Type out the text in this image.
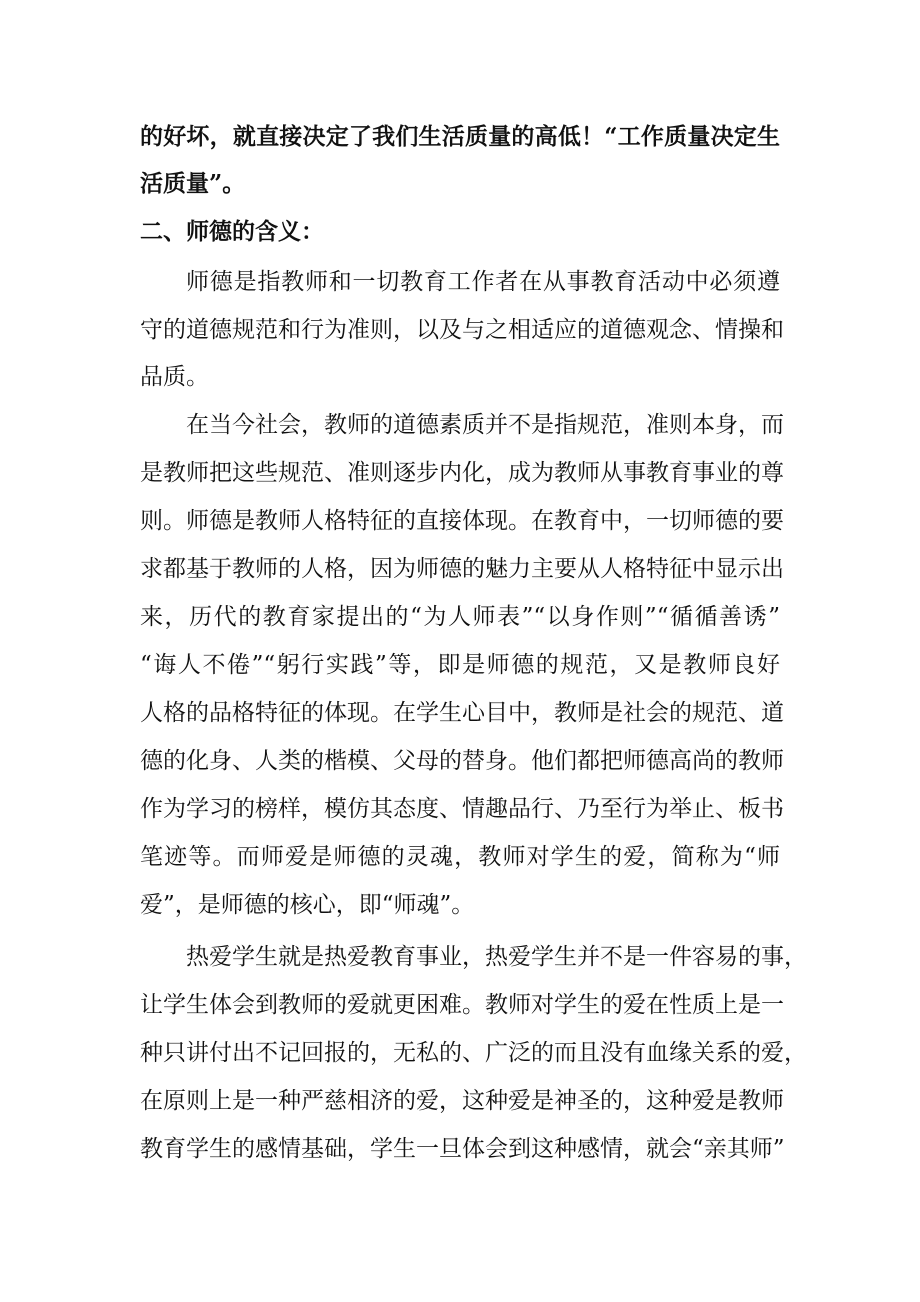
的好坏，就直接决定了我们生活质量的高低！“工作质量决定生
活质量”。
二、师德的含义：
师德是指教师和一切教育工作者在从事教育活动中必须遵
守的道德规范和行为准则，以及与之相适应的道德观念、情操和
品质。
在当今社会，教师的道德素质并不是指规范，准则本身，而
是教师把这些规范、准则逐步内化，成为教师从事教育事业的尊
则。师德是教师人格特征的直接体现。在教育中，一切师德的要
求都基于教师的人格，因为师德的魅力主要从人格特征中显示出
来，历代的教育家提出的“为人师表”“以身作则”“循循善诱”
“诲人不倦”“躬行实践”等，即是师德的规范，又是教师良好
人格的品格特征的体现。在学生心目中，教师是社会的规范、道
德的化身、人类的楷模、父母的替身。他们都把师德高尚的教师
作为学习的榜样，模仿其态度、情趣品行、乃至行为举止、板书
笔迹等。而师爱是师德的灵魂，教师对学生的爱，简称为“师
爱”，是师德的核心，即“师魂”。
热爱学生就是热爱教育事业，热爱学生并不是一件容易的事，
让学生体会到教师的爱就更困难。教师对学生的爱在性质上是一
种只讲付出不记回报的，无私的、广泛的而且没有血缘关系的爱，
在原则上是一种严慈相济的爱，这种爱是神圣的，这种爱是教师
教育学生的感情基础，学生一旦体会到这种感情，就会“亲其师”
